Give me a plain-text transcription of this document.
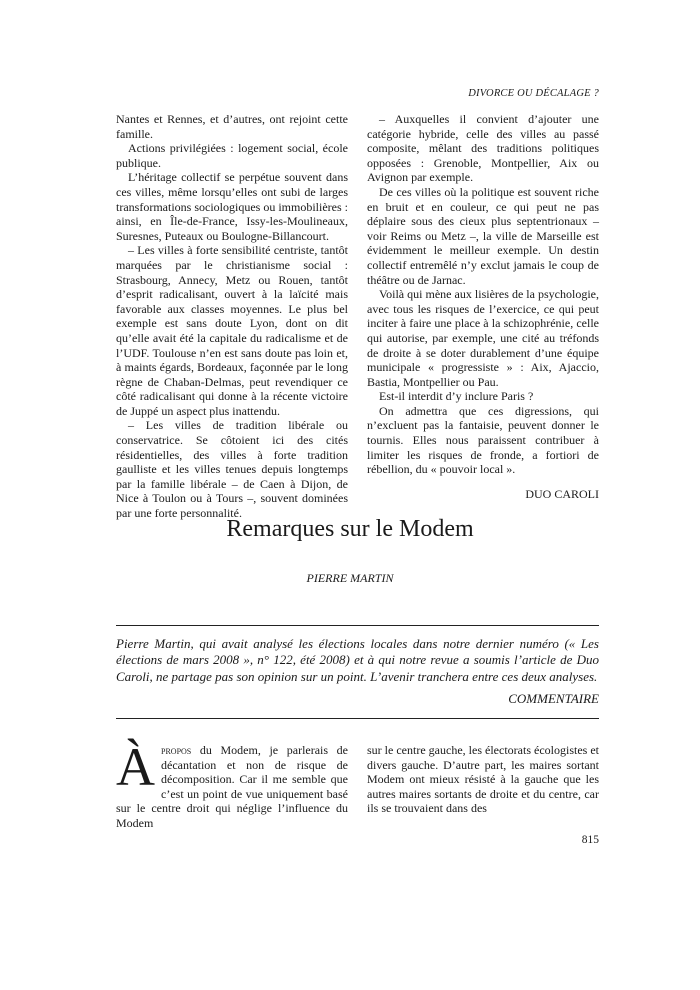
DIVORCE OU DÉCALAGE ?

Nantes et Rennes, et d’autres, ont rejoint cette famille.

Actions privilégiées : logement social, école publique.

L’héritage collectif se perpétue souvent dans ces villes, même lorsqu’elles ont subi de larges transformations sociologiques ou immobilières : ainsi, en Île-de-France, Issy-les-Moulineaux, Suresnes, Puteaux ou Boulogne-Billancourt.

– Les villes à forte sensibilité centriste, tantôt marquées par le christianisme social : Strasbourg, Annecy, Metz ou Rouen, tantôt d’esprit radicalisant, ouvert à la laïcité mais favorable aux classes moyennes. Le plus bel exemple est sans doute Lyon, dont on dit qu’elle avait été la capitale du radicalisme et de l’UDF. Toulouse n’en est sans doute pas loin et, à maints égards, Bordeaux, façonnée par le long règne de Chaban-Delmas, peut revendiquer ce côté radicalisant qui donne à la récente victoire de Juppé un aspect plus inattendu.

– Les villes de tradition libérale ou conservatrice. Se côtoient ici des cités résidentielles, des villes à forte tradition gaulliste et les villes tenues depuis longtemps par la famille libérale – de Caen à Dijon, de Nice à Toulon ou à Tours –, souvent dominées par une forte personnalité.

– Auxquelles il convient d’ajouter une catégorie hybride, celle des villes au passé composite, mêlant des traditions politiques opposées : Grenoble, Montpellier, Aix ou Avignon par exemple.

De ces villes où la politique est souvent riche en bruit et en couleur, ce qui peut ne pas déplaire sous des cieux plus septentrionaux – voir Reims ou Metz –, la ville de Marseille est évidemment le meilleur exemple. Un destin collectif entremêlé n’y exclut jamais le coup de théâtre ou de Jarnac.

Voilà qui mène aux lisières de la psychologie, avec tous les risques de l’exercice, ce qui peut inciter à faire une place à la schizophrénie, celle qui autorise, par exemple, une cité au tréfonds de droite à se doter durablement d’une équipe municipale « progressiste » : Aix, Ajaccio, Bastia, Montpellier ou Pau.

Est-il interdit d’y inclure Paris ?

On admettra que ces digressions, qui n’excluent pas la fantaisie, peuvent donner le tournis. Elles nous paraissent contribuer à limiter les risques de fronde, a fortiori de rébellion, du « pouvoir local ».

DUO CAROLI
Remarques sur le Modem
PIERRE MARTIN

Pierre Martin, qui avait analysé les élections locales dans notre dernier numéro (« Les élections de mars 2008 », n° 122, été 2008) et à qui notre revue a soumis l’article de Duo Caroli, ne partage pas son opinion sur un point. L’avenir tranchera entre ces deux analyses.

COMMENTAIRE

Àpropos du Modem, je parlerais de décantation et non de risque de décomposition. Car il me semble que c’est un point de vue uniquement basé sur le centre droit qui néglige l’influence du Modem

sur le centre gauche, les électorats écologistes et divers gauche. D’autre part, les maires sortant Modem ont mieux résisté à la gauche que les autres maires sortants de droite et du centre, car ils se trouvaient dans des

815
